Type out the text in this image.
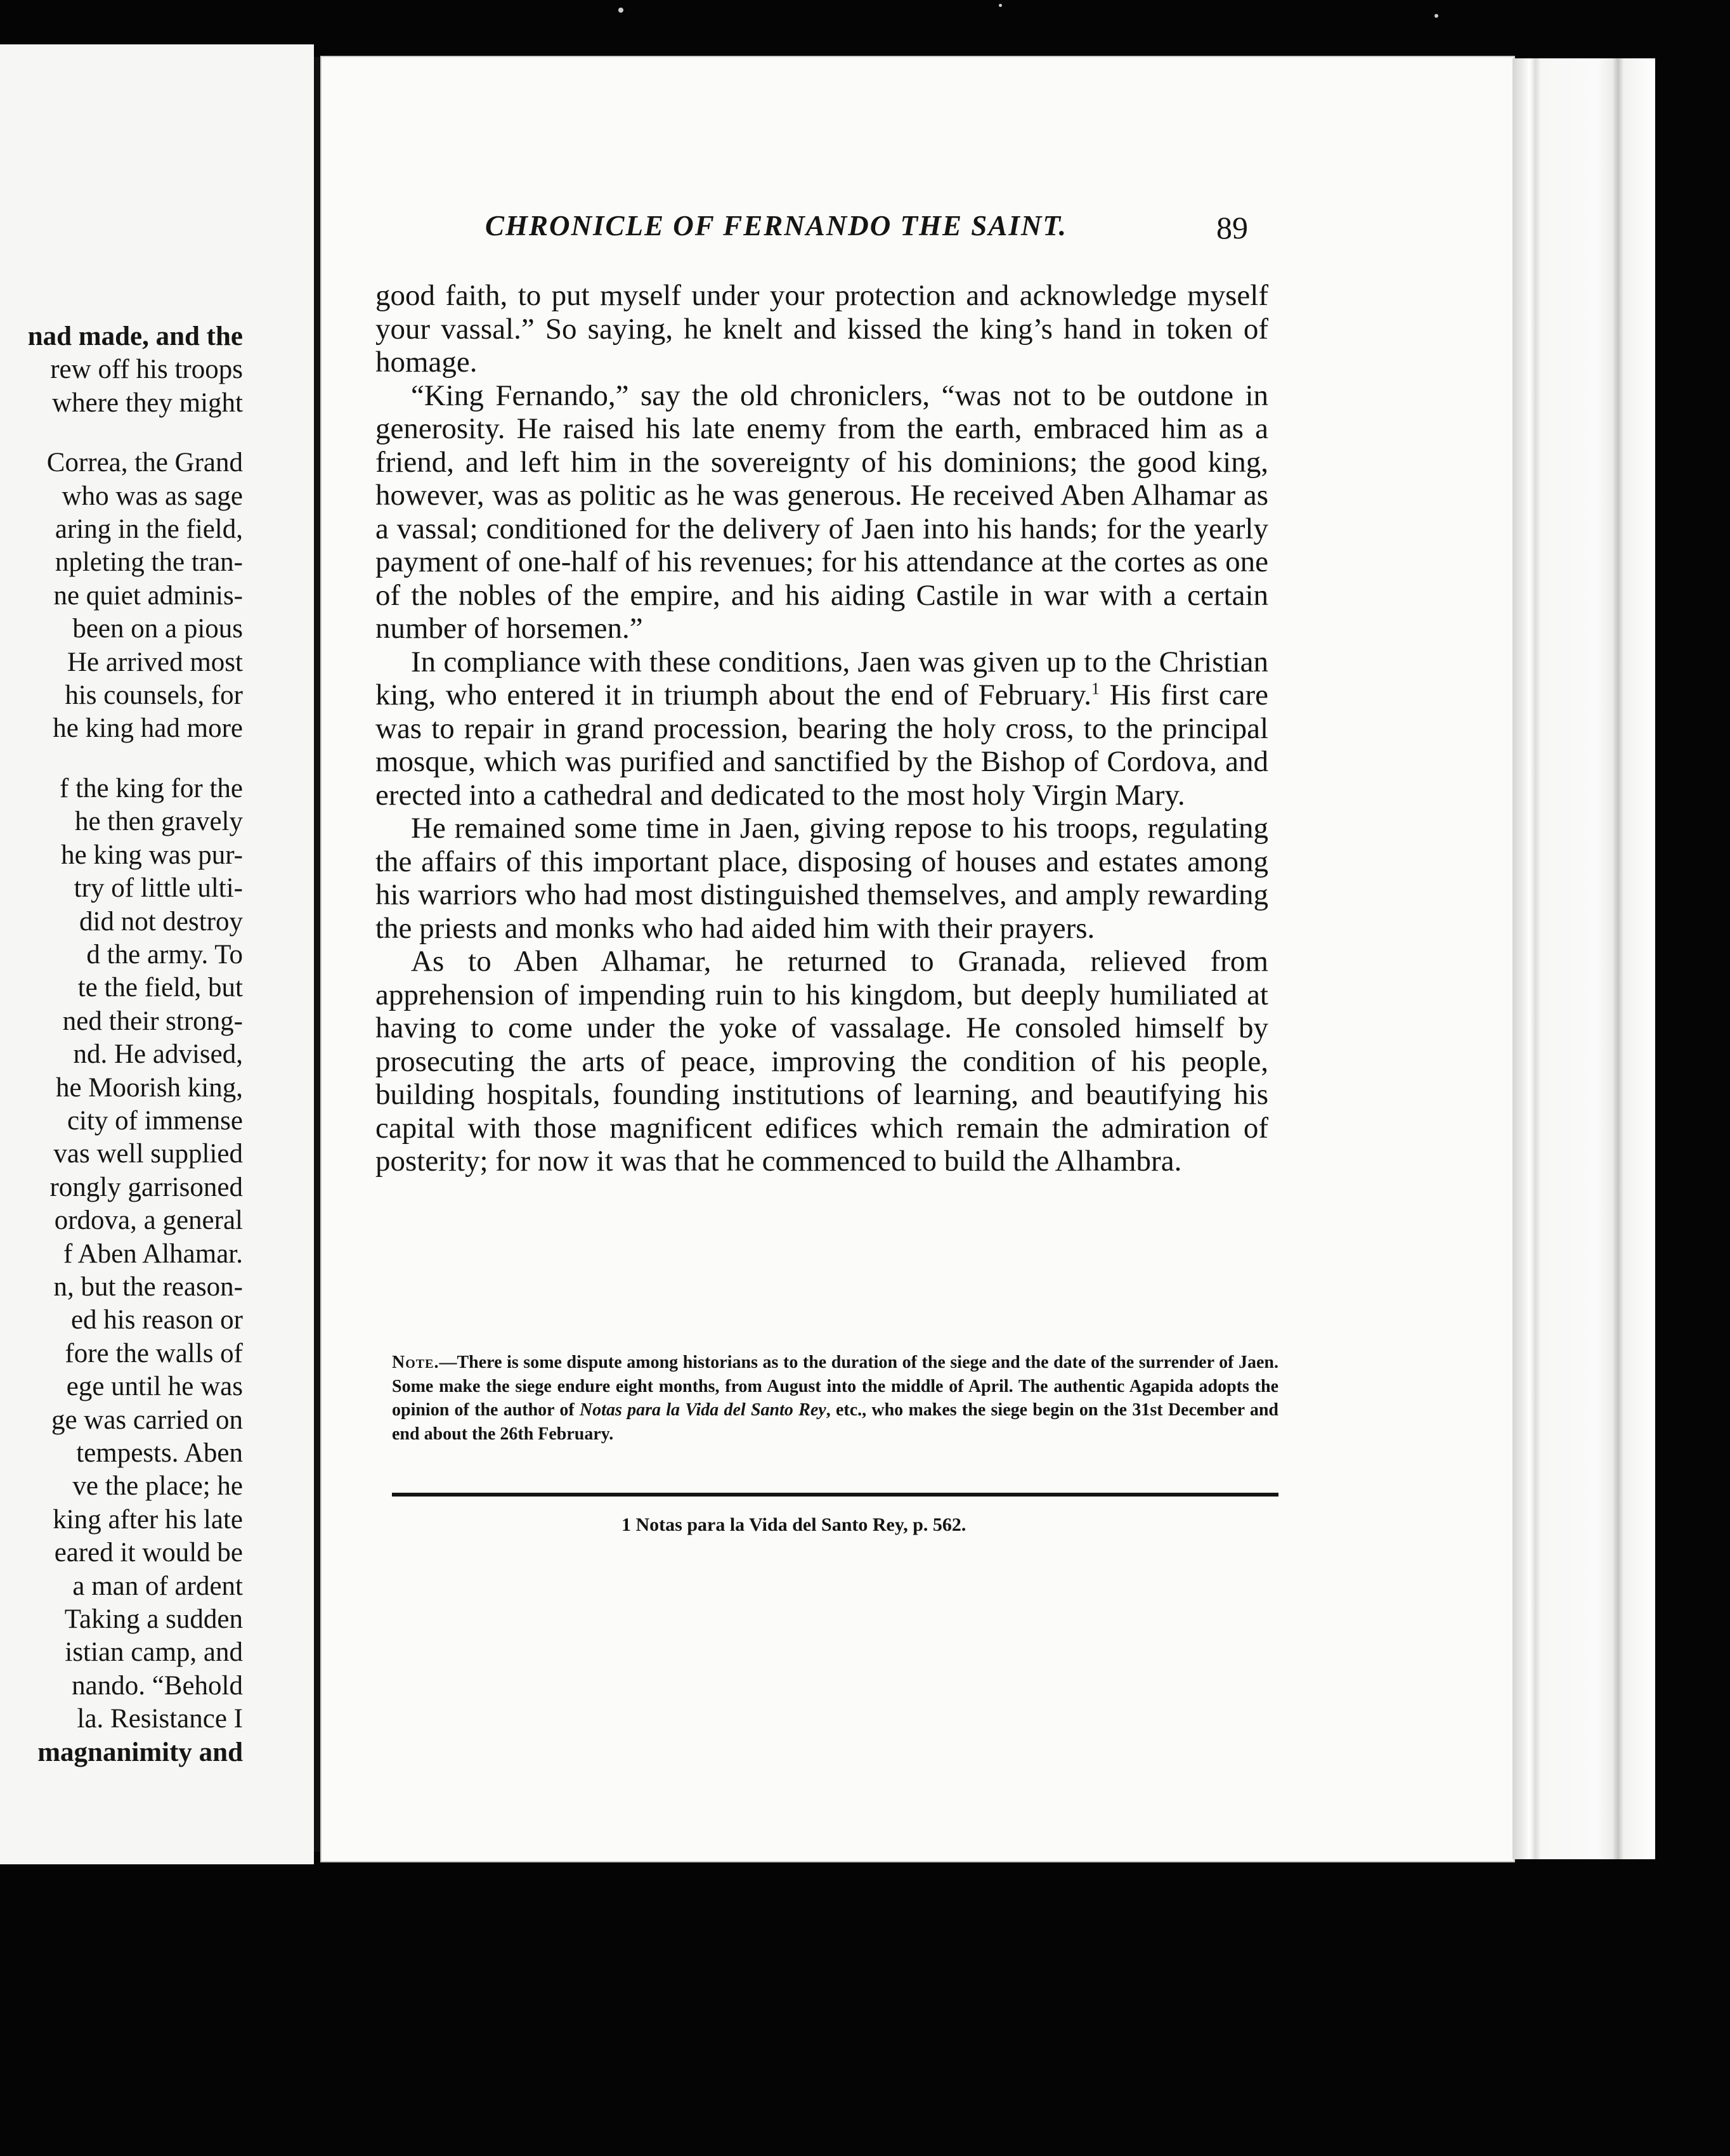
nad made, and the
rew off his troops
where they might
Correa, the Grand
who was as sage
aring in the field,
npleting the tran-
ne quiet adminis-
been on a pious
He arrived most
his counsels, for
he king had more
f the king for the
he then gravely
he king was pur-
try of little ulti-
did not destroy
d the army. To
te the field, but
ned their strong-
nd. He advised,
he Moorish king,
city of immense
vas well supplied
rongly garrisoned
ordova, a general
f Aben Alhamar.
n, but the reason-
ed his reason or
fore the walls of
ege until he was
ge was carried on
tempests. Aben
ve the place; he
king after his late
eared it would be
a man of ardent
Taking a sudden
istian camp, and
nando. “Behold
la. Resistance I
magnanimity and
CHRONICLE OF FERNANDO THE SAINT.	89

good faith, to put myself under your protection and acknowledge myself your vassal.” So saying, he knelt and kissed the king’s hand in token of homage.

“King Fernando,” say the old chroniclers, “was not to be outdone in generosity. He raised his late enemy from the earth, embraced him as a friend, and left him in the sovereignty of his dominions; the good king, however, was as politic as he was generous. He received Aben Alhamar as a vassal; conditioned for the delivery of Jaen into his hands; for the yearly payment of one-half of his revenues; for his attendance at the cortes as one of the nobles of the empire, and his aiding Castile in war with a certain number of horsemen.”

In compliance with these conditions, Jaen was given up to the Christian king, who entered it in triumph about the end of February.$^1$ His first care was to repair in grand procession, bearing the holy cross, to the principal mosque, which was purified and sanctified by the Bishop of Cordova, and erected into a cathedral and dedicated to the most holy Virgin Mary.

He remained some time in Jaen, giving repose to his troops, regulating the affairs of this important place, disposing of houses and estates among his warriors who had most distinguished themselves, and amply rewarding the priests and monks who had aided him with their prayers.

As to Aben Alhamar, he returned to Granada, relieved from apprehension of impending ruin to his kingdom, but deeply humiliated at having to come under the yoke of vassalage. He consoled himself by prosecuting the arts of peace, improving the condition of his people, building hospitals, founding institutions of learning, and beautifying his capital with those magnificent edifices which remain the admiration of posterity; for now it was that he commenced to build the Alhambra.

Note.—There is some dispute among historians as to the duration of the siege and the date of the surrender of Jaen. Some make the siege endure eight months, from August into the middle of April. The authentic Agapida adopts the opinion of the author of Notas para la Vida del Santo Rey, etc., who makes the siege begin on the 31st December and end about the 26th February.
1 Notas para la Vida del Santo Rey, p. 562.
